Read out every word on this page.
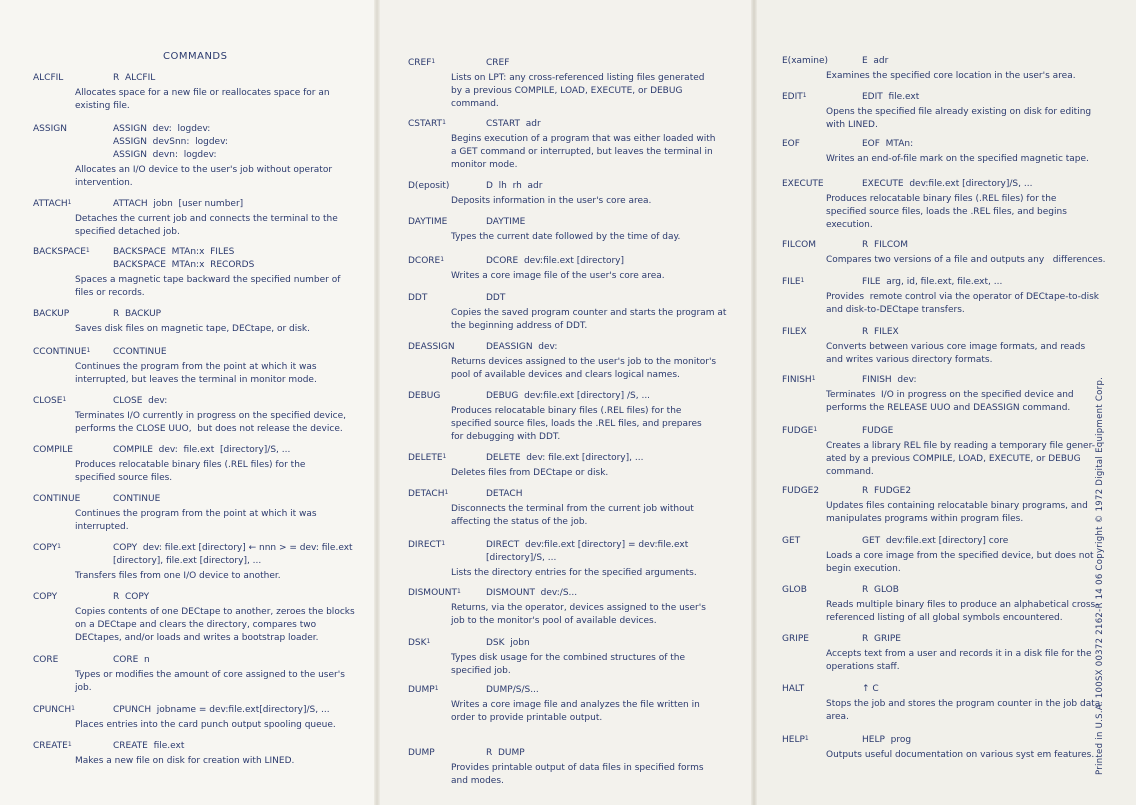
COMMANDS
ALCFIL	R  ALCFIL
Allocates space for a new file or reallocates space for an
existing file.
ASSIGN	ASSIGN  dev:  logdev:
ASSIGN  devSnn:  logdev:
ASSIGN  devn:  logdev:
Allocates an I/O device to the user's job without operator
intervention.
ATTACH$^1$	ATTACH  jobn  [user number]
Detaches the current job and connects the terminal to the
specified detached job.
BACKSPACE$^1$	BACKSPACE  MTAn:x  FILES
BACKSPACE  MTAn:x  RECORDS
Spaces a magnetic tape backward the specified number of
files or records.
BACKUP	R  BACKUP
Saves disk files on magnetic tape, DECtape, or disk.
CCONTINUE$^1$	CCONTINUE
Continues the program from the point at which it was
interrupted, but leaves the terminal in monitor mode.
CLOSE$^1$	CLOSE  dev:
Terminates I/O currently in progress on the specified device,
performs the CLOSE UUO,  but does not release the device.
COMPILE	COMPILE  dev:  file.ext  [directory]/S, ...
Produces relocatable binary files (.REL files) for the
specified source files.
CONTINUE	CONTINUE
Continues the program from the point at which it was
interrupted.
COPY$^1$	COPY  dev: file.ext [directory] ← nnn > = dev: file.ext
[directory], file.ext [directory], ...
Transfers files from one I/O device to another.
COPY	R  COPY
Copies contents of one DECtape to another, zeroes the blocks
on a DECtape and clears the directory, compares two
DECtapes, and/or loads and writes a bootstrap loader.
CORE	CORE  n
Types or modifies the amount of core assigned to the user's
job.
CPUNCH$^1$	CPUNCH  jobname = dev:file.ext[directory]/S, ...
Places entries into the card punch output spooling queue.
CREATE$^1$	CREATE  file.ext
Makes a new file on disk for creation with LINED.
CREF$^1$	CREF
Lists on LPT: any cross-referenced listing files generated
by a previous COMPILE, LOAD, EXECUTE, or DEBUG
command.
CSTART$^1$	CSTART  adr
Begins execution of a program that was either loaded with
a GET command or interrupted, but leaves the terminal in
monitor mode.
D(eposit)	D  lh  rh  adr
Deposits information in the user's core area.
DAYTIME	DAYTIME
Types the current date followed by the time of day.
DCORE$^1$	DCORE  dev:file.ext [directory]
Writes a core image file of the user's core area.
DDT	DDT
Copies the saved program counter and starts the program at
the beginning address of DDT.
DEASSIGN	DEASSIGN  dev:
Returns devices assigned to the user's job to the monitor's
pool of available devices and clears logical names.
DEBUG	DEBUG  dev:file.ext [directory] /S, ...
Produces relocatable binary files (.REL files) for the
specified source files, loads the .REL files, and prepares
for debugging with DDT.
DELETE$^1$	DELETE  dev: file.ext [directory], ...
Deletes files from DECtape or disk.
DETACH$^1$	DETACH
Disconnects the terminal from the current job without
affecting the status of the job.
DIRECT$^1$	DIRECT  dev:file.ext [directory] = dev:file.ext
[directory]/S, ...
Lists the directory entries for the specified arguments.
DISMOUNT$^1$	DISMOUNT  dev:/S...
Returns, via the operator, devices assigned to the user's
job to the monitor's pool of available devices.
DSK$^1$	DSK  jobn
Types disk usage for the combined structures of the
specified job.
DUMP$^1$	DUMP/S/S...
Writes a core image file and analyzes the file written in
order to provide printable output.
DUMP	R  DUMP
Provides printable output of data files in specified forms
and modes.
E(xamine)	E  adr
Examines the specified core location in the user's area.
EDIT$^1$	EDIT  file.ext
Opens the specified file already existing on disk for editing
with LINED.
EOF	EOF  MTAn:
Writes an end-of-file mark on the specified magnetic tape.
EXECUTE	EXECUTE  dev:file.ext [directory]/S, ...
Produces relocatable binary files (.REL files) for the
specified source files, loads the .REL files, and begins
execution.
FILCOM	R  FILCOM
Compares two versions of a file and outputs any   differences.
FILE$^1$	FILE  arg, id, file.ext, file.ext, ...
Provides  remote control via the operator of DECtape-to-disk
and disk-to-DECtape transfers.
FILEX	R  FILEX
Converts between various core image formats, and reads
and writes various directory formats.
FINISH$^1$	FINISH  dev:
Terminates  I/O in progress on the specified device and
performs the RELEASE UUO and DEASSIGN command.
FUDGE$^1$	FUDGE
Creates a library REL file by reading a temporary file gener-
ated by a previous COMPILE, LOAD, EXECUTE, or DEBUG
command.
FUDGE2	R  FUDGE2
Updates files containing relocatable binary programs, and
manipulates programs within program files.
GET	GET  dev:file.ext [directory] core
Loads a core image from the specified device, but does not
begin execution.
GLOB	R  GLOB
Reads multiple binary files to produce an alphabetical cross-
referenced listing of all global symbols encountered.
GRIPE	R  GRIPE
Accepts text from a user and records it in a disk file for the
operations staff.
HALT	↑ C
Stops the job and stores the program counter in the job data
area.
HELP$^1$	HELP  prog
Outputs useful documentation on various syst em features. Printed in U.S.A. 100SX 00372 2162-R 14 06 Copyright © 1972 Digital Equipment Corp.
